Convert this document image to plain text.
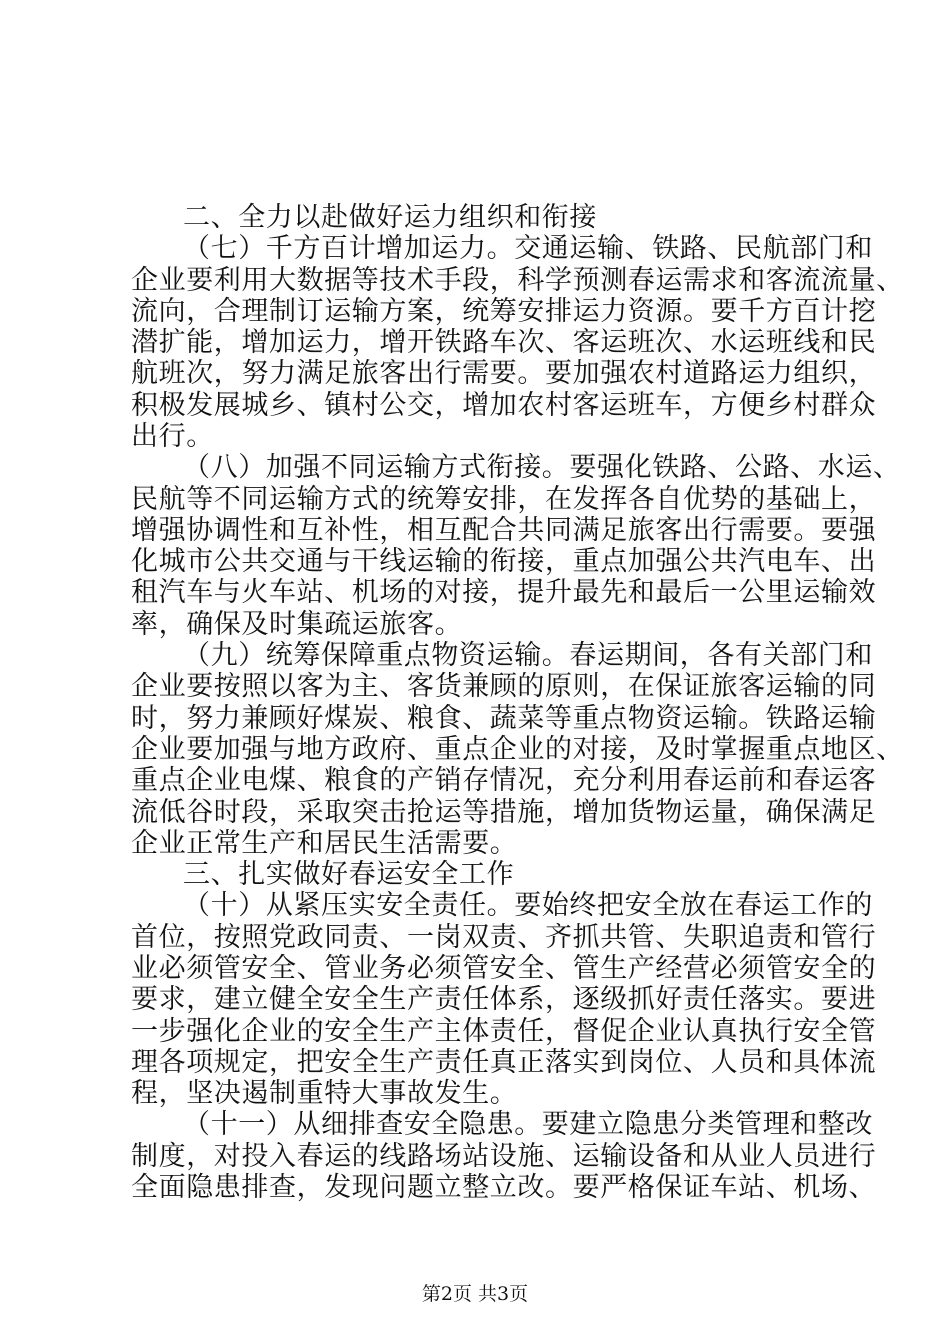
二、全力以赴做好运力组织和衔接
（七）千方百计增加运力。交通运输、铁路、民航部门和
企业要利用大数据等技术手段，科学预测春运需求和客流流量、
流向，合理制订运输方案，统筹安排运力资源。要千方百计挖
潜扩能，增加运力，增开铁路车次、客运班次、水运班线和民
航班次，努力满足旅客出行需要。要加强农村道路运力组织，
积极发展城乡、镇村公交，增加农村客运班车，方便乡村群众
出行。
（八）加强不同运输方式衔接。要强化铁路、公路、水运、
民航等不同运输方式的统筹安排，在发挥各自优势的基础上，
增强协调性和互补性，相互配合共同满足旅客出行需要。要强
化城市公共交通与干线运输的衔接，重点加强公共汽电车、出
租汽车与火车站、机场的对接，提升最先和最后一公里运输效
率，确保及时集疏运旅客。
（九）统筹保障重点物资运输。春运期间，各有关部门和
企业要按照以客为主、客货兼顾的原则，在保证旅客运输的同
时，努力兼顾好煤炭、粮食、蔬菜等重点物资运输。铁路运输
企业要加强与地方政府、重点企业的对接，及时掌握重点地区、
重点企业电煤、粮食的产销存情况，充分利用春运前和春运客
流低谷时段，采取突击抢运等措施，增加货物运量，确保满足
企业正常生产和居民生活需要。
三、扎实做好春运安全工作
（十）从紧压实安全责任。要始终把安全放在春运工作的
首位，按照党政同责、一岗双责、齐抓共管、失职追责和管行
业必须管安全、管业务必须管安全、管生产经营必须管安全的
要求，建立健全安全生产责任体系，逐级抓好责任落实。要进
一步强化企业的安全生产主体责任，督促企业认真执行安全管
理各项规定，把安全生产责任真正落实到岗位、人员和具体流
程，坚决遏制重特大事故发生。
（十一）从细排查安全隐患。要建立隐患分类管理和整改
制度，对投入春运的线路场站设施、运输设备和从业人员进行
全面隐患排查，发现问题立整立改。要严格保证车站、机场、
第2页 共3页
